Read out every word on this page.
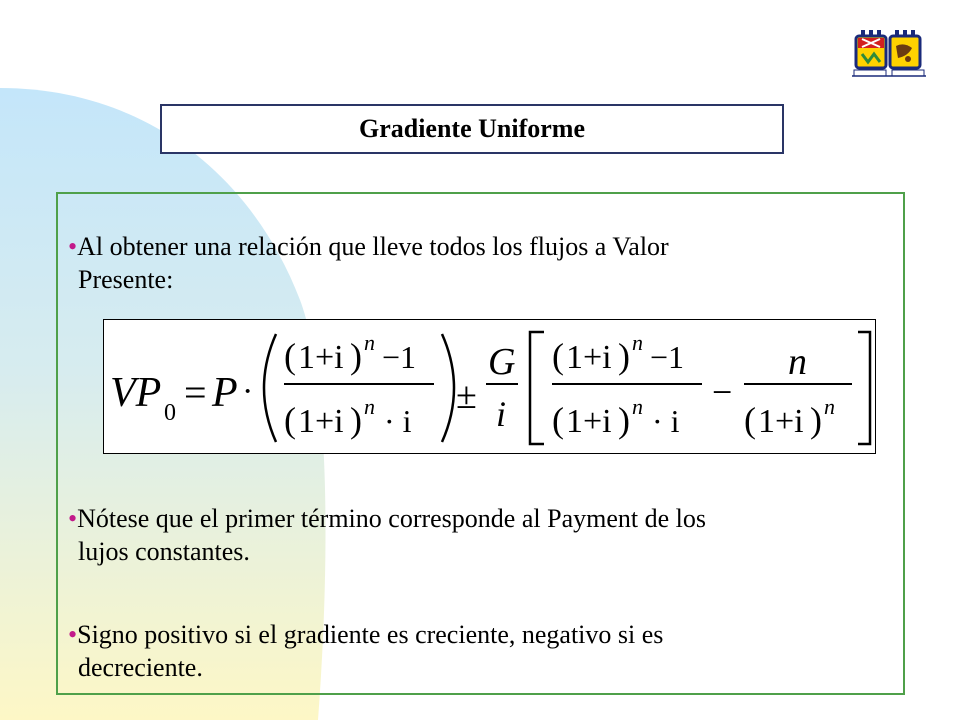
Gradiente Uniforme
•Al obtener una relación que lleve todos los flujos a Valor
Presente:
VP 0 = P ·
( 1+i ) n −1
( 1+i ) n · i
±
G
i
( 1+i ) n −1
( 1+i ) n · i
−
n
( 1+i ) n
•Nótese que el primer término corresponde al Payment de los
lujos constantes.
•Signo positivo si el gradiente es creciente, negativo si es
decreciente.
